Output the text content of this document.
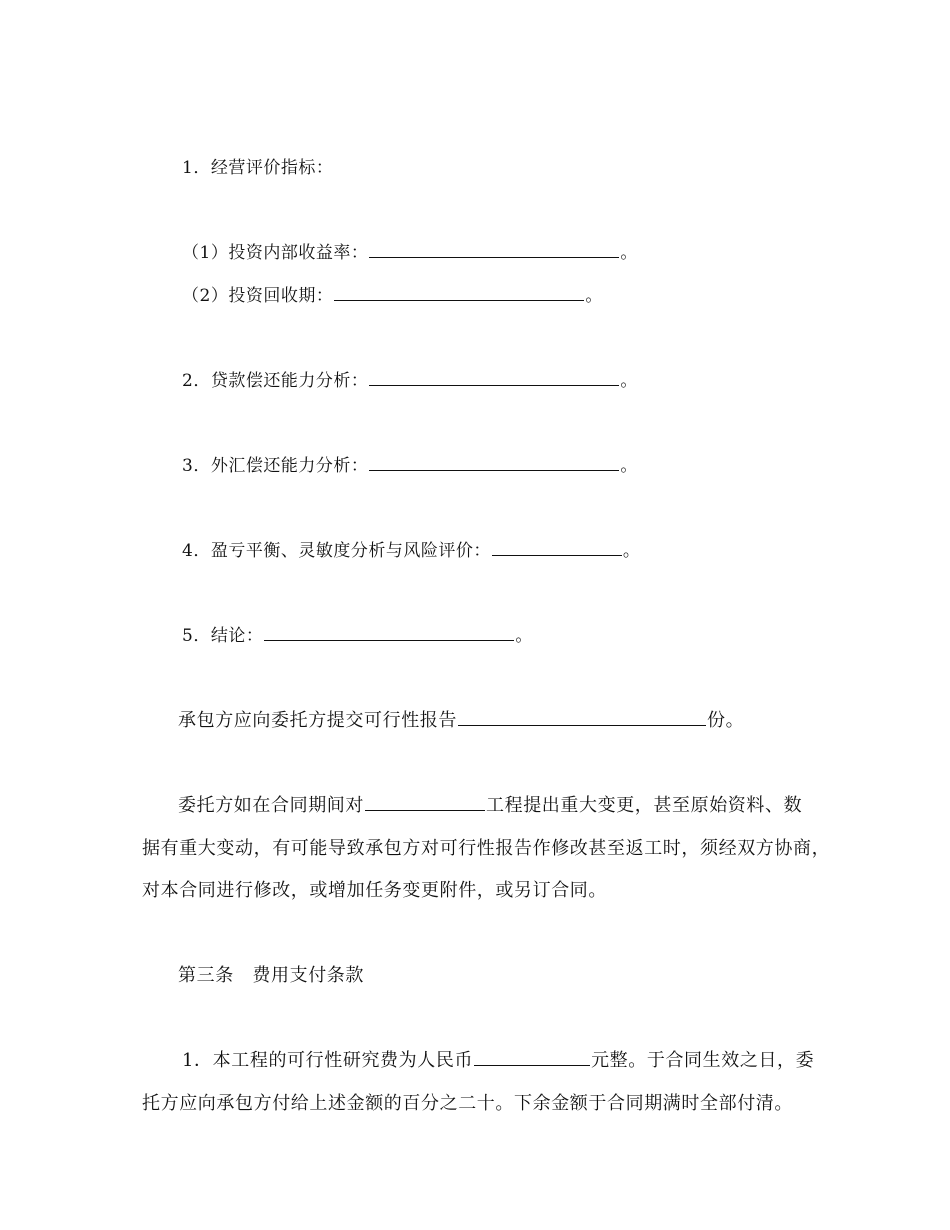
1．经营评价指标：
（1）投资内部收益率：	。
（2）投资回收期：	。
2．贷款偿还能力分析：	。
3．外汇偿还能力分析：	。
4．盈亏平衡、灵敏度分析与风险评价：	。
5．结论：	。
承包方应向委托方提交可行性报告	份。
委托方如在合同期间对	工程提出重大变更，甚至原始资料、数
据有重大变动，有可能导致承包方对可行性报告作修改甚至返工时，须经双方协商，
对本合同进行修改，或增加任务变更附件，或另订合同。
第三条　费用支付条款
1．本工程的可行性研究费为人民币	元整。于合同生效之日，委
托方应向承包方付给上述金额的百分之二十。下余金额于合同期满时全部付清。
